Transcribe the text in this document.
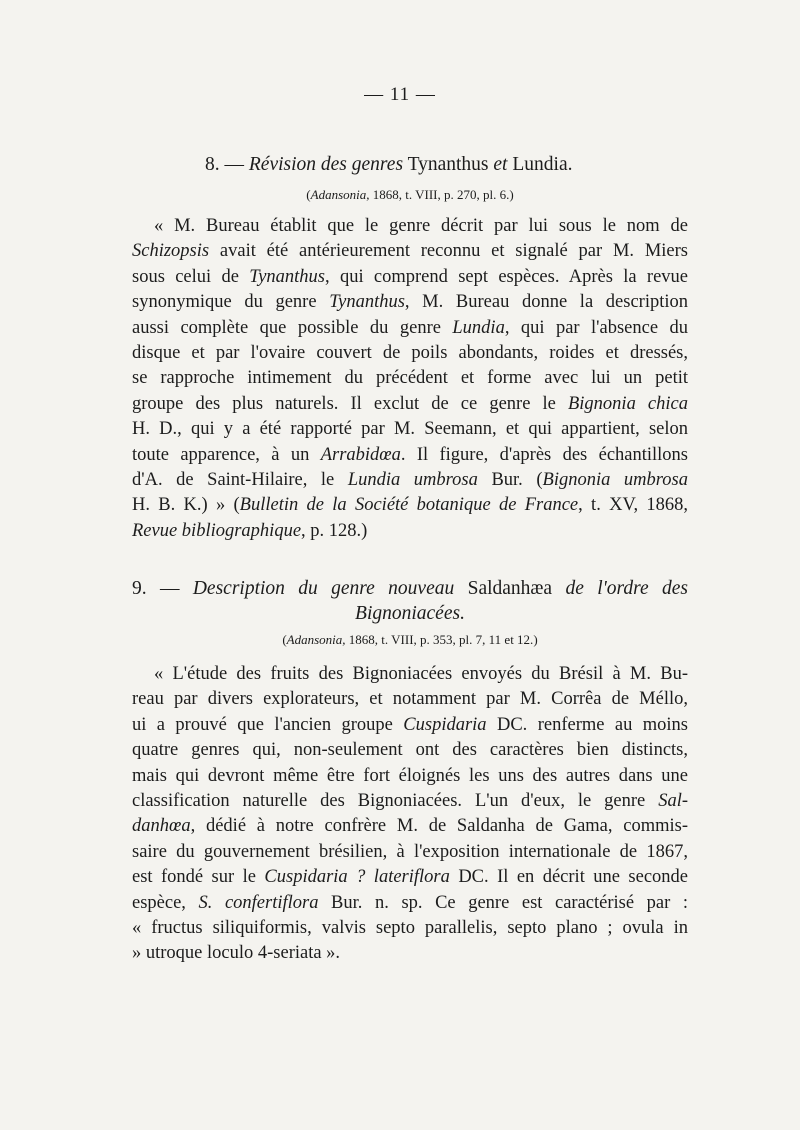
— 11 —
8. — Révision des genres Tynanthus et Lundia.
(Adansonia, 1868, t. VIII, p. 270, pl. 6.)
« M. Bureau établit que le genre décrit par lui sous le nom de
Schizopsis avait été antérieurement reconnu et signalé par M. Miers
sous celui de Tynanthus, qui comprend sept espèces. Après la revue
synonymique du genre Tynanthus, M. Bureau donne la description
aussi complète que possible du genre Lundia, qui par l'absence du
disque et par l'ovaire couvert de poils abondants, roides et dressés,
se rapproche intimement du précédent et forme avec lui un petit
groupe des plus naturels. Il exclut de ce genre le Bignonia chica
H. D., qui y a été rapporté par M. Seemann, et qui appartient, selon
toute apparence, à un Arrabidœa. Il figure, d'après des échantillons
d'A. de Saint-Hilaire, le Lundia umbrosa Bur. (Bignonia umbrosa
H. B. K.) » (Bulletin de la Société botanique de France, t. XV, 1868,
Revue bibliographique, p. 128.)
9. — Description du genre nouveau Saldanhæa de l'ordre des
Bignoniacées.
(Adansonia, 1868, t. VIII, p. 353, pl. 7, 11 et 12.)
« L'étude des fruits des Bignoniacées envoyés du Brésil à M. Bu-
reau par divers explorateurs, et notamment par M. Corrêa de Méllo,
ui a prouvé que l'ancien groupe Cuspidaria DC. renferme au moins
quatre genres qui, non-seulement ont des caractères bien distincts,
mais qui devront même être fort éloignés les uns des autres dans une
classification naturelle des Bignoniacées. L'un d'eux, le genre Sal-
danhœa, dédié à notre confrère M. de Saldanha de Gama, commis-
saire du gouvernement brésilien, à l'exposition internationale de 1867,
est fondé sur le Cuspidaria ? lateriflora DC. Il en décrit une seconde
espèce, S. confertiflora Bur. n. sp. Ce genre est caractérisé par :
« fructus siliquiformis, valvis septo parallelis, septo plano ; ovula in
» utroque loculo 4-seriata ».
